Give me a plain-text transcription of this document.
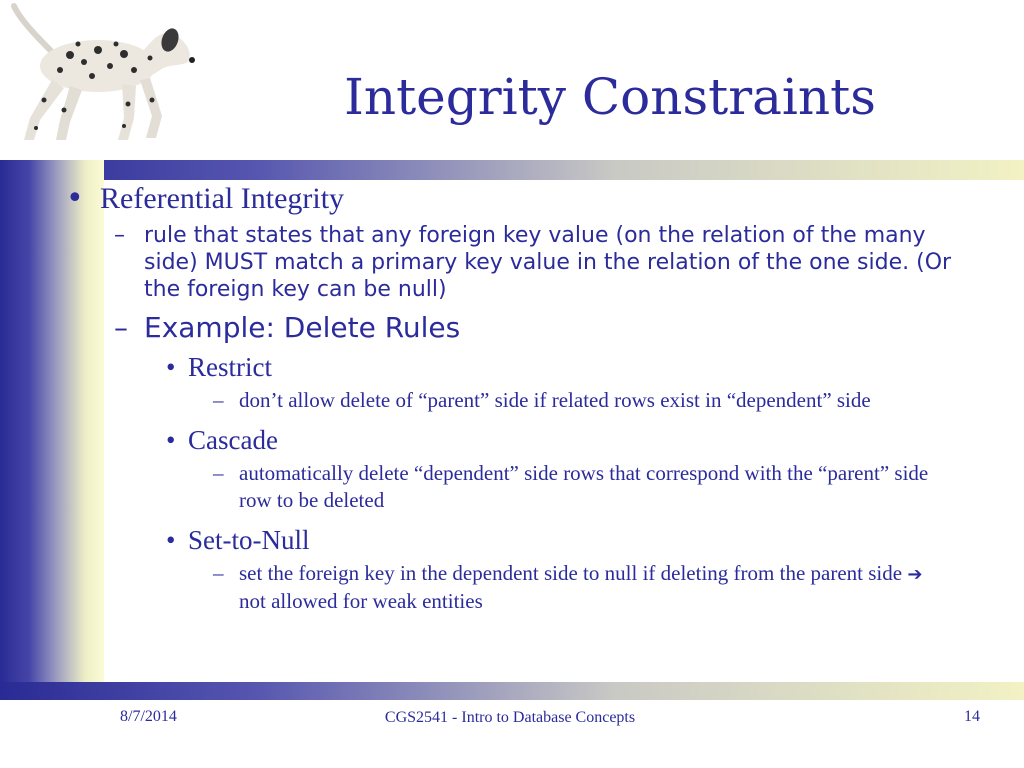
Integrity Constraints
• Referential Integrity
– rule that states that any foreign key value (on the relation of the many side) MUST match a primary key value in the relation of the one side. (Or the foreign key can be null)
– Example: Delete Rules
• Restrict
– don’t allow delete of “parent” side if related rows exist in “dependent” side
• Cascade
– automatically delete “dependent” side rows that correspond with the “parent” side row to be deleted
• Set-to-Null
– set the foreign key in the dependent side to null if deleting from the parent side ➔ not allowed for weak entities
8/7/2014	CGS2541 - Intro to Database Concepts	14
